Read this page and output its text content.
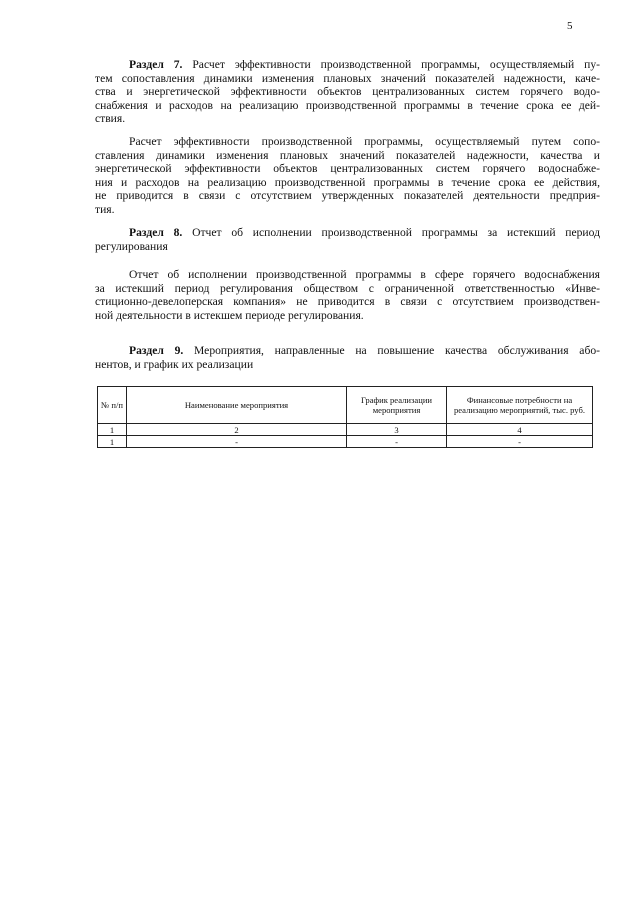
5

Раздел 7. Расчет эффективности производственной программы, осуществляемый пу-
тем сопоставления динамики изменения плановых значений показателей надежности, каче-
ства и энергетической эффективности объектов централизованных систем горячего водо-
снабжения и расходов на реализацию производственной программы в течение срока ее дей-
ствия.

Расчет эффективности производственной программы, осуществляемый путем сопо-
ставления динамики изменения плановых значений показателей надежности, качества и
энергетической эффективности объектов централизованных систем горячего водоснабже-
ния и расходов на реализацию производственной программы в течение срока ее действия,
не приводится в связи с отсутствием утвержденных показателей деятельности предприя-
тия.

Раздел 8. Отчет об исполнении производственной программы за истекший период
регулирования

Отчет об исполнении производственной программы в сфере горячего водоснабжения
за истекший период регулирования обществом с ограниченной ответственностью «Инве-
стиционно-девелоперская компания» не приводится в связи с отсутствием производствен-
ной деятельности в истекшем периоде регулирования.

Раздел 9. Мероприятия, направленные на повышение качества обслуживания або-
нентов, и график их реализации

№ п/п	Наименование мероприятия	График реализации мероприятия	Финансовые потребности на реализацию мероприятий, тыс. руб.
1	2	3	4
1	-	-	-
